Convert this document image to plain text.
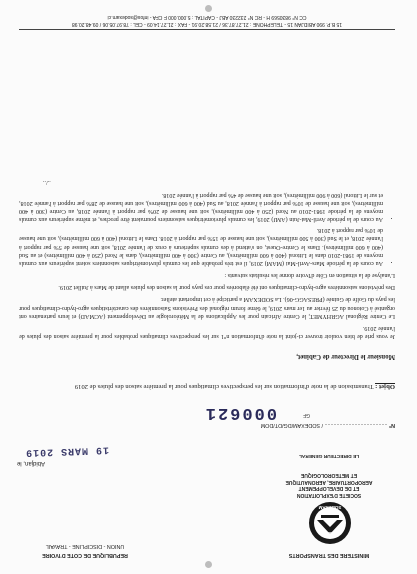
MINISTERE DES TRANSPORTS
REPUBLIQUE DE COTE D'IVOIRE
UNION - DISCIPLINE - TRAVAIL
SODEXAM
SOCIETE D'EXPLOITATION
ET DE DEVELOPPEMENT
AEROPORTUAIRE, AERONAUTIQUE
ET METEOROLOGIQUE
LE DIRECTEUR GENERAL
Abidjan, le
19 MARS 2019
N° .......................................... / SODEXAM/DG/DT/DOM
GF
000621
Objet : Transmission de la note d'information sur les perspectives climatiques pour la première saison des pluies de 2019
Monsieur le Directeur de Cabinet,

Je vous prie de bien vouloir trouver ci-joint la note d'information n°1 sur les perspectives climatiques probables pour la première saison des pluies de l'année 2019.

Le Centre Régional AGRHYMET, le Centre Africain pour les Applications de la Météorologie au Développement (ACMAD) et leurs partenaires ont organisé à Cotonou du 25 février au 1er mars 2019, le 6ème forum régional des Prévisions Saisonnières des caractéristiques agro-hydro-climatiques pour les pays du Golfe de Guinée (PRESAGG-06). La SODEXAM a participé à cet important atelier.

Des prévisions saisonnières agro-hydro-climatiques ont été élaborées pour ces pays pour la saison des pluies allant de Mars à Juillet 2019.

L'analyse de la situation en Côte d'Ivoire donne les résultats suivants :

• Au cours de la période Mars-Avril-Mai (MAM) 2019, il est très probable que les cumuls pluviométriques saisonniers soient supérieurs aux cumuls moyens de 1981-2010 dans le Littoral (400 à 600 millimètres), au Centre (300 à 400 millimètres), dans le Nord (250 à 400 millimètres) et au Sud (400 à 600 millimètres). Dans le Centre-Ouest, on s'attend à des cumuls supérieurs à ceux de l'année 2018, soit une hausse de 5% par rapport à l'année 2018, et le Sud (300 à 500 millimètres), soit une hausse de 15% par rapport à 2018. Dans le Littoral (400 à 600 millimètres), soit une hausse de 10% par rapport à 2018.
• Au cours de la période Avril-Mai-Juin (AMJ) 2019, les cumuls pluviométriques saisonniers pourraient être proches, et même supérieurs aux cumuls moyens de la période 1981-2010 au Nord (250 à 400 millimètres), soit une hausse de 20% par rapport à l'année 2018, au Centre (300 à 400 millimètres), soit une hausse de 10% par rapport à l'année 2018, au Sud (400 à 600 millimètres), soit une hausse de 28% par rapport à l'année 2018, et sur le Littoral (600 à 900 millimètres), soit une hausse de 4% par rapport à l'année 2018.

../..

15 B.P. 990 ABIDJAN 15 - TELEPHONE : 21.27.87.36 / 21.58.20.91 - FAX : 21.27.14.09 - CEL : 78.97.05.06 / 09.48.20.98
CC N° 9830569 H - RC N° 232230 ABJ - CAPITAL : 5.000.000 F CFA - infos@sodexam.ci
